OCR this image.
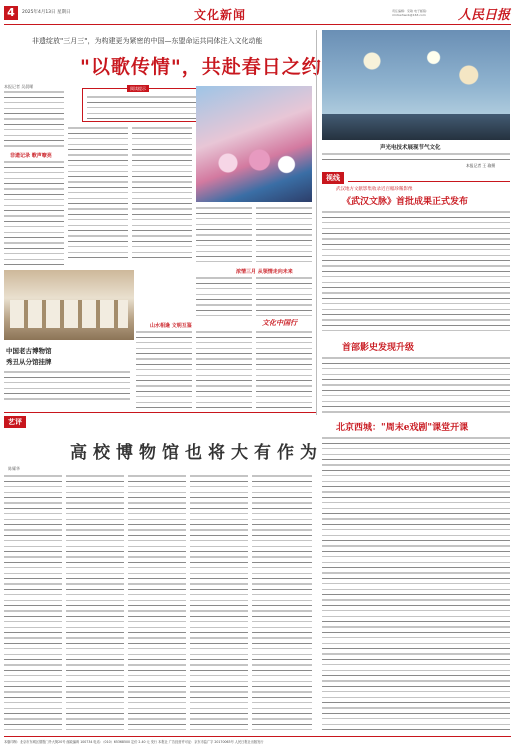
4	2025年4月13日 星期日	文化新闻	责任编辑：宋敏 电子邮箱：rmrbwhwxb@163.com	人民日报
非遗绽放"三月三"，为构建更为紧密的中国—东盟命运共同体注入文化动能
"以歌传情"，共赴春日之约
本报记者 吴晨晞
非遗记录 歌声嘹亮
阅读提示
浓情三月 从领情走向未来
文化中国行
中国老古博物馆
秀丑从分馆挂牌
山水相逢 文明互鉴
声光电技术展现节气文化
本报记者 王 瑜摄
视线
武汉地方文献影集收录近百幅珍稀影像
《武汉文脉》首批成果正式发布
首部影史发现升级
北京西城："周末e戏剧"课堂开课
艺评
高校博物馆也将大有作为
陈耀华
本版印制：北京市东城区德胜门外大街20号 邮政编码 100734 电话：（010）65368500 定价 2.40 元 发行 本报社 广告经营许可证：京东市监广字 20170063号 人民日报社出版发行
